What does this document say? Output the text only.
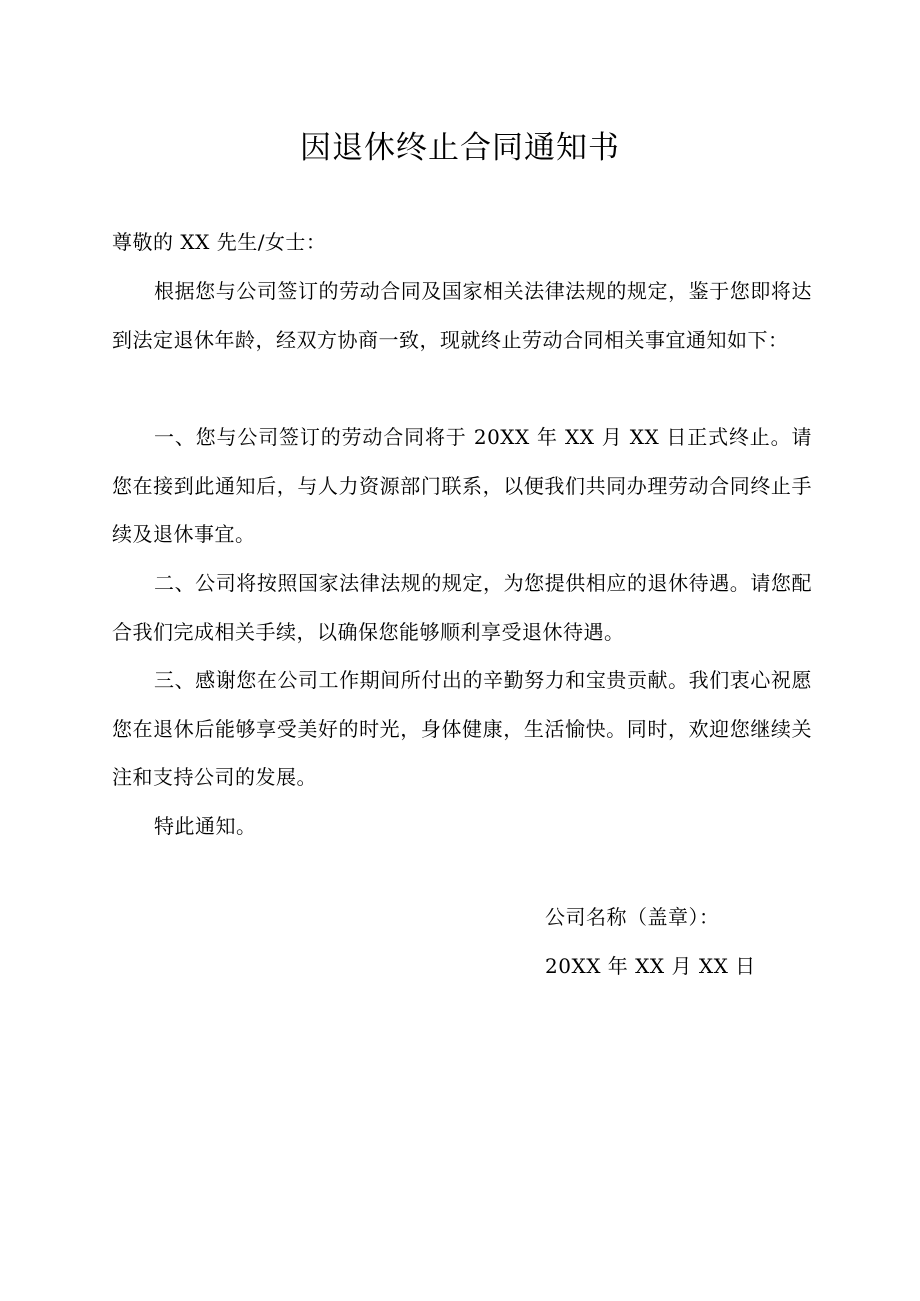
因退休终止合同通知书
尊敬的 XX 先生/女士：

根据您与公司签订的劳动合同及国家相关法律法规的规定，鉴于您即将达到法定退休年龄，经双方协商一致，现就终止劳动合同相关事宜通知如下：

一、您与公司签订的劳动合同将于 20XX 年 XX 月 XX 日正式终止。请您在接到此通知后，与人力资源部门联系，以便我们共同办理劳动合同终止手续及退休事宜。

二、公司将按照国家法律法规的规定，为您提供相应的退休待遇。请您配合我们完成相关手续，以确保您能够顺利享受退休待遇。

三、感谢您在公司工作期间所付出的辛勤努力和宝贵贡献。我们衷心祝愿您在退休后能够享受美好的时光，身体健康，生活愉快。同时，欢迎您继续关注和支持公司的发展。

特此通知。

公司名称（盖章）：
20XX 年 XX 月 XX 日
